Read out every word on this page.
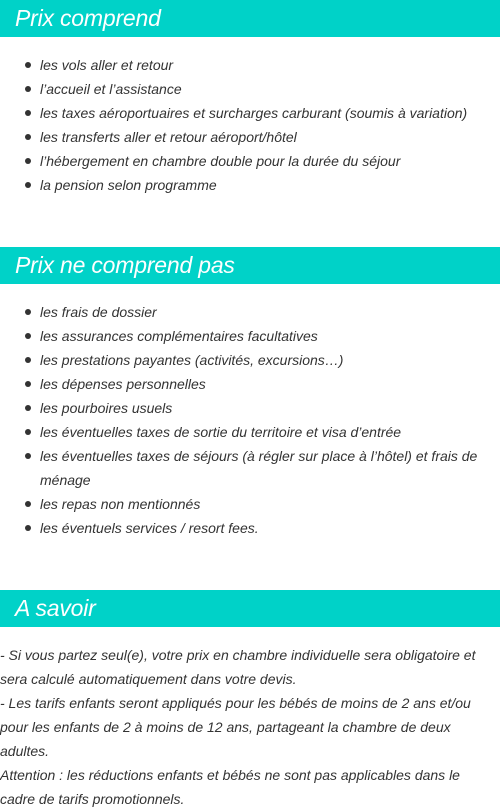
Prix comprend
les vols aller et retour
l’accueil et l’assistance
les taxes aéroportuaires et surcharges carburant (soumis à variation)
les transferts aller et retour aéroport/hôtel
l’hébergement en chambre double pour la durée du séjour
la pension selon programme
Prix ne comprend pas
les frais de dossier
les assurances complémentaires facultatives
les prestations payantes (activités, excursions…)
les dépenses personnelles
les pourboires usuels
les éventuelles taxes de sortie du territoire et visa d’entrée
les éventuelles taxes de séjours (à régler sur place à l’hôtel) et frais de ménage
les repas non mentionnés
les éventuels services / resort fees.
A savoir

- Si vous partez seul(e), votre prix en chambre individuelle sera obligatoire et sera calculé automatiquement dans votre devis.

- Les tarifs enfants seront appliqués pour les bébés de moins de 2 ans et/ou pour les enfants de 2 à moins de 12 ans, partageant la chambre de deux adultes.

Attention : les réductions enfants et bébés ne sont pas applicables dans le cadre de tarifs promotionnels.
